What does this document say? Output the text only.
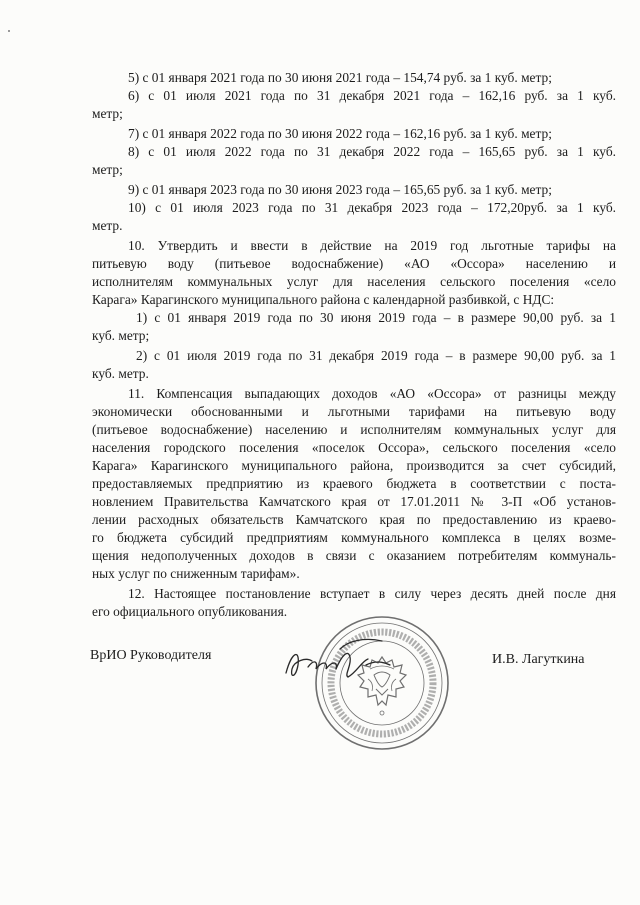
5) с 01 января 2021 года по 30 июня 2021 года – 154,74 руб. за 1 куб. метр;
6) с 01 июля 2021 года по 31 декабря 2021 года – 162,16 руб. за 1 куб.
метр;
7) с 01 января 2022 года по 30 июня 2022 года – 162,16 руб. за 1 куб. метр;
8) с 01 июля 2022 года по 31 декабря 2022 года – 165,65 руб. за 1 куб.
метр;
9) с 01 января 2023 года по 30 июня 2023 года – 165,65 руб. за 1 куб. метр;
10) с 01 июля 2023 года по 31 декабря 2023 года – 172,20руб. за 1 куб.
метр.
10. Утвердить и ввести в действие на 2019 год льготные тарифы на
питьевую воду (питьевое водоснабжение) «АО «Оссора» населению и
исполнителям коммунальных услуг для населения сельского поселения «село
Карага» Карагинского муниципального района с календарной разбивкой, с НДС:
1) с 01 января 2019 года по 30 июня 2019 года – в размере 90,00 руб. за 1
куб. метр;
2) с 01 июля 2019 года по 31 декабря 2019 года – в размере 90,00 руб. за 1
куб. метр.
11. Компенсация выпадающих доходов «АО «Оссора» от разницы между
экономически обоснованными и льготными тарифами на питьевую воду
(питьевое водоснабжение) населению и исполнителям коммунальных услуг для
населения городского поселения «поселок Оссора», сельского поселения «село
Карага» Карагинского муниципального района, производится за счет субсидий,
предоставляемых предприятию из краевого бюджета в соответствии с поста-
новлением Правительства Камчатского края от 17.01.2011 № 3-П «Об установ-
лении расходных обязательств Камчатского края по предоставлению из краево-
го бюджета субсидий предприятиям коммунального комплекса в целях возме-
щения недополученных доходов в связи с оказанием потребителям коммуналь-
ных услуг по сниженным тарифам».
12. Настоящее постановление вступает в силу через десять дней после дня
его официального опубликования.
ВрИО Руководителя	И.В. Лагуткина
